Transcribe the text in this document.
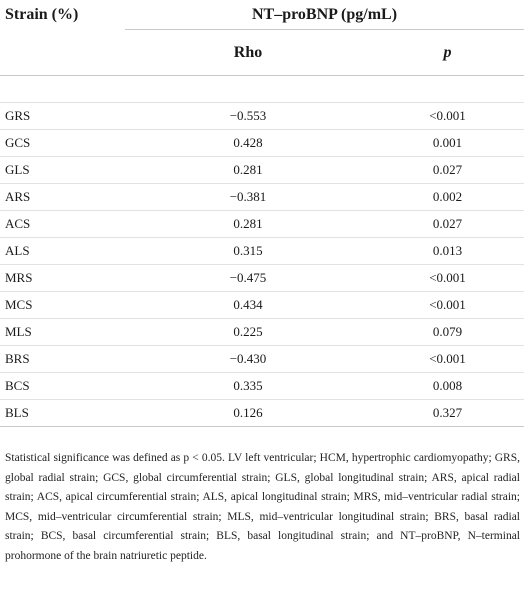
Strain (%)	NT–proBNP (pg/mL)	
	Rho	p

GRS	−0.553	<0.001
GCS	0.428	0.001
GLS	0.281	0.027
ARS	−0.381	0.002
ACS	0.281	0.027
ALS	0.315	0.013
MRS	−0.475	<0.001
MCS	0.434	<0.001
MLS	0.225	0.079
BRS	−0.430	<0.001
BCS	0.335	0.008
BLS	0.126	0.327
Statistical significance was defined as p < 0.05. LV left ventricular; HCM, hypertrophic cardiomyopathy; GRS, global radial strain; GCS, global circumferential strain; GLS, global longitudinal strain; ARS, apical radial strain; ACS, apical circumferential strain; ALS, apical longitudinal strain; MRS, mid–ventricular radial strain; MCS, mid–ventricular circumferential strain; MLS, mid–ventricular longitudinal strain; BRS, basal radial strain; BCS, basal circumferential strain; BLS, basal longitudinal strain; and NT–proBNP, N–terminal prohormone of the brain natriuretic peptide.
